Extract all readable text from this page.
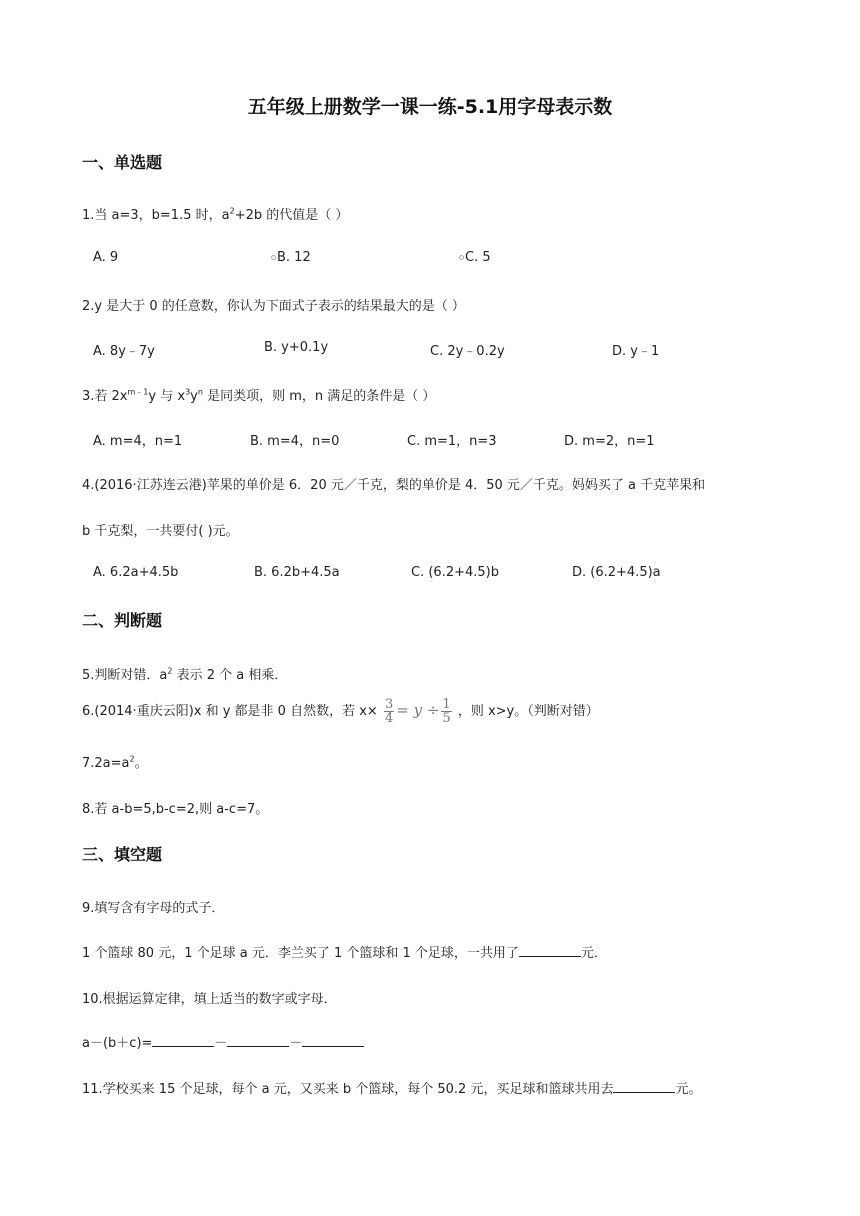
五年级上册数学一课一练-5.1用字母表示数
一、单选题
1.当 a=3，b=1.5 时，$a^2+2b$ 的代值是（ ）
A. 9	B. 12	C. 5
2.y 是大于 0 的任意数，你认为下面式子表示的结果最大的是（ ）
A. 8y﹣7y	B. y+0.1y	C. 2y﹣0.2y	D. y﹣1
3.若 $2x^{m﹣1}y$ 与 $x^3y^n$ 是同类项，则 m，n 满足的条件是（ ）
A. m=4，n=1	B. m=4，n=0	C. m=1，n=3	D. m=2，n=1
4.(2016·江苏连云港)苹果的单价是 6．20 元／千克，梨的单价是 4．50 元／千克。妈妈买了 a 千克苹果和
b 千克梨，一共要付( )元。
A. 6.2a+4.5b	B. 6.2b+4.5a	C. (6.2+4.5)b	D. (6.2+4.5)a
二、判断题
5.判断对错．$a^2$ 表示 2 个 a 相乘．
6.(2014·重庆云阳)x 和 y 都是非 0 自然数，若 $x\times \frac{3}{4} = y \div \frac{1}{5}$ ，则 x>y。（判断对错）
$7.2a=a^2$。
8.若 a-b=5,b-c=2,则 a-c=7。
三、填空题
9.填写含有字母的式子．
1 个篮球 80 元，1 个足球 a 元．李兰买了 1 个篮球和 1 个足球，一共用了	元．
10.根据运算定律，填上适当的数字或字母．
a－(b＋c)=	－	－
11.学校买来 15 个足球，每个 a 元，又买来 b 个篮球，每个 50.2 元，买足球和篮球共用去	元。
